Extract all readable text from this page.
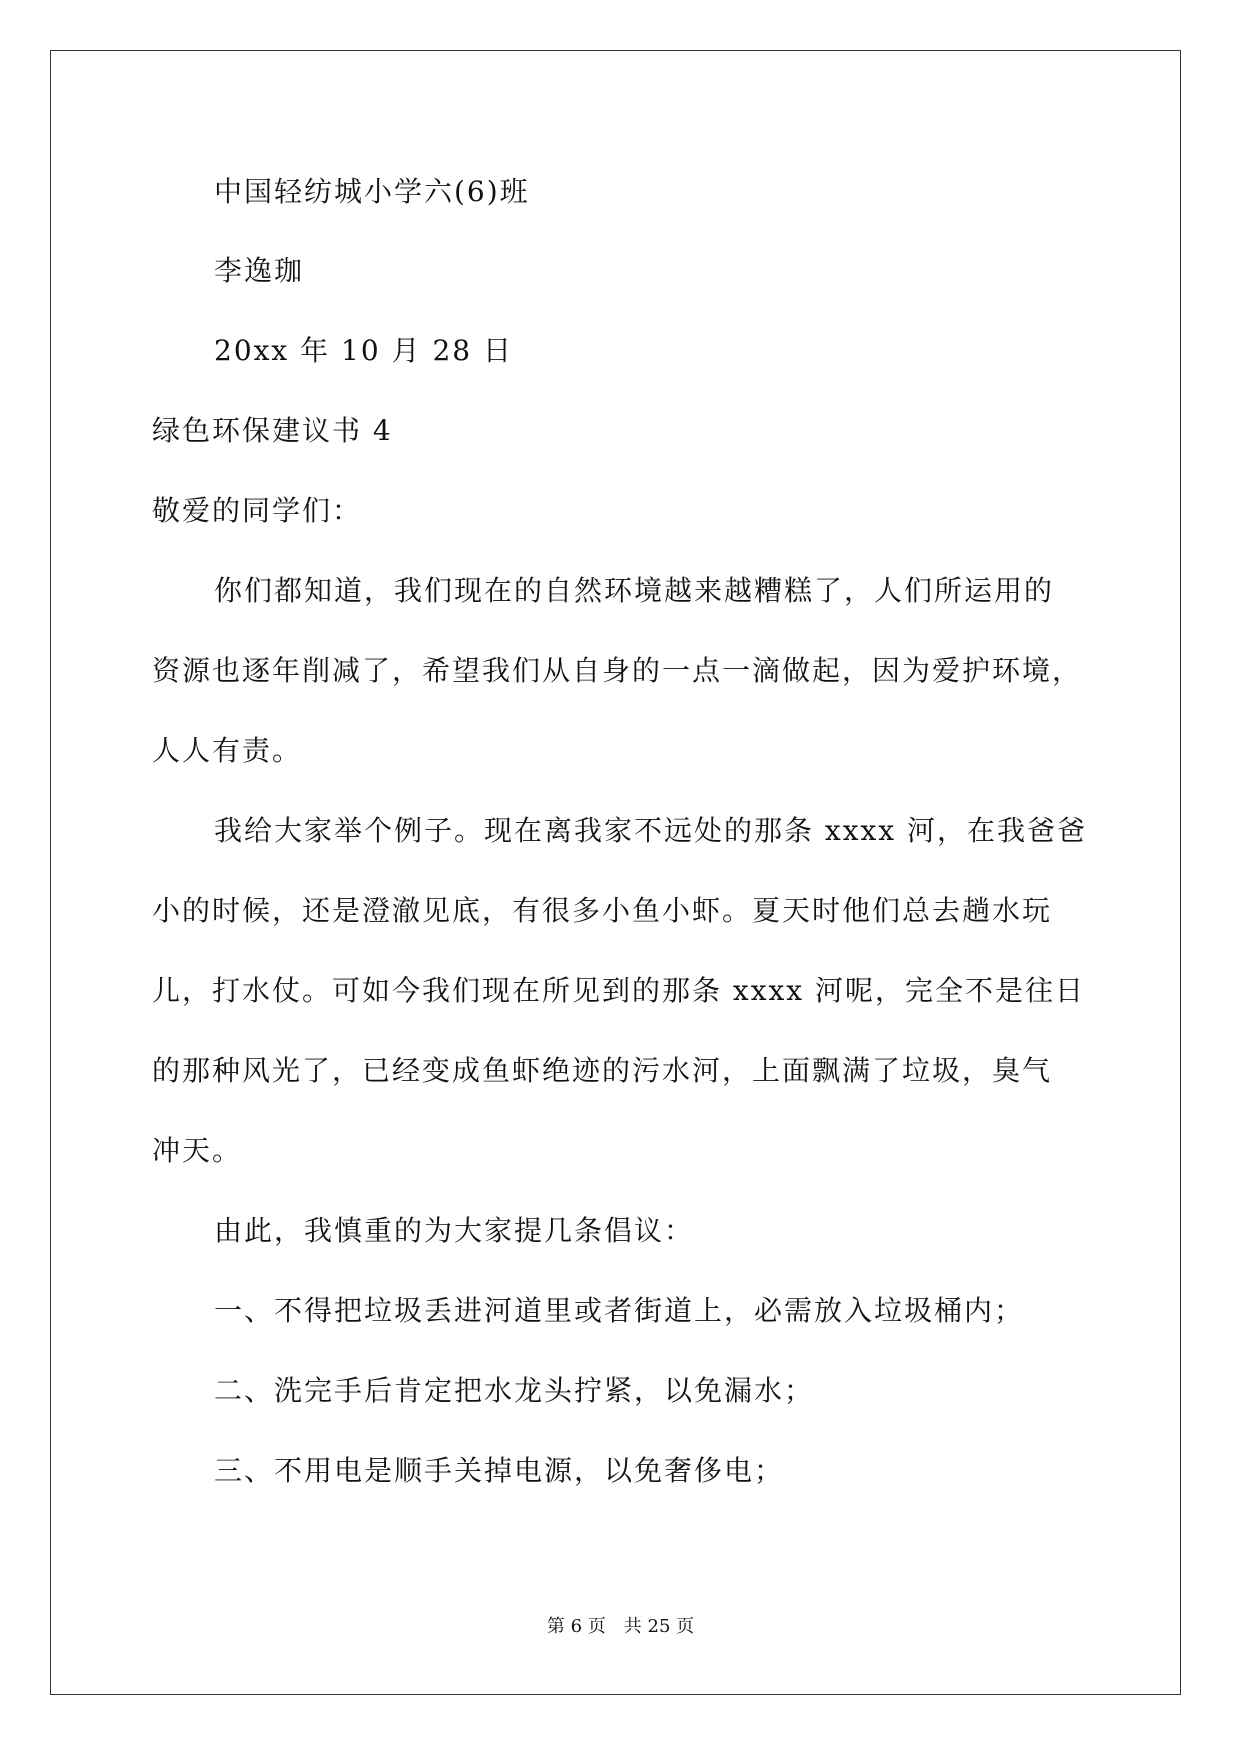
中国轻纺城小学六(6)班
李逸珈
20xx 年 10 月 28 日
绿色环保建议书 4
敬爱的同学们：
你们都知道，我们现在的自然环境越来越糟糕了，人们所运用的
资源也逐年削减了，希望我们从自身的一点一滴做起，因为爱护环境，
人人有责。
我给大家举个例子。现在离我家不远处的那条 xxxx 河，在我爸爸
小的时候，还是澄澈见底，有很多小鱼小虾。夏天时他们总去趟水玩
儿，打水仗。可如今我们现在所见到的那条 xxxx 河呢，完全不是往日
的那种风光了，已经变成鱼虾绝迹的污水河，上面飘满了垃圾，臭气
冲天。
由此，我慎重的为大家提几条倡议：
一、不得把垃圾丢进河道里或者街道上，必需放入垃圾桶内；
二、洗完手后肯定把水龙头拧紧，以免漏水；
三、不用电是顺手关掉电源，以免奢侈电；
第 6 页 共 25 页
